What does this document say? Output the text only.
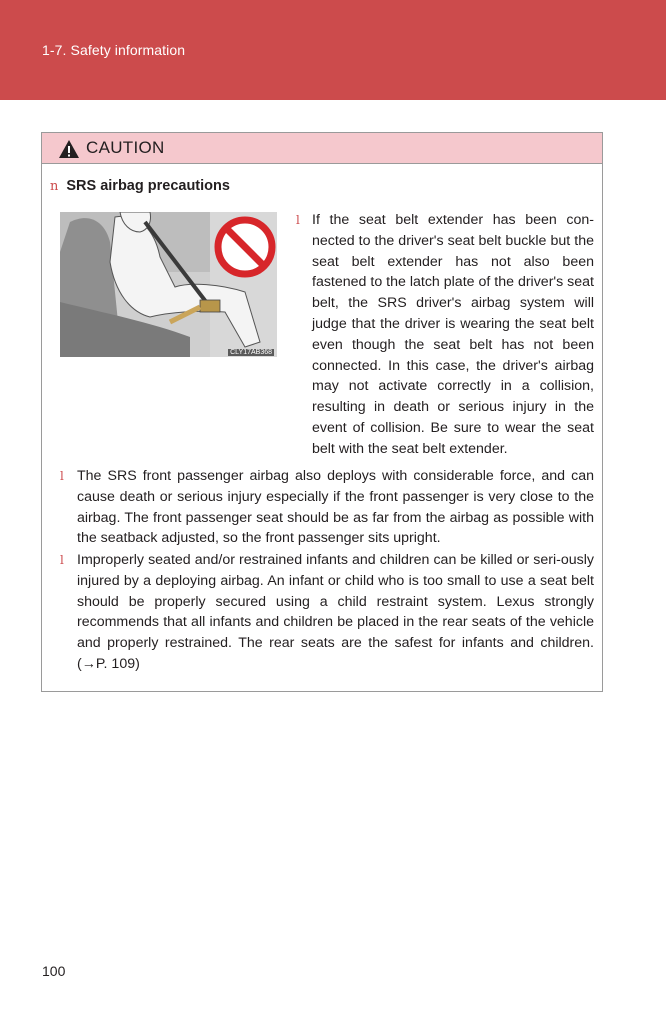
1-7. Safety information
CAUTION
n SRS airbag precautions
CLY17AB368
l If the seat belt extender has been con-nected to the driver's seat belt buckle but the seat belt extender has not also been fastened to the latch plate of the driver's seat belt, the SRS driver's airbag system will judge that the driver is wearing the seat belt even though the seat belt has not been connected. In this case, the driver's airbag may not activate correctly in a collision, resulting in death or serious injury in the event of collision. Be sure to wear the seat belt with the seat belt extender.

l The SRS front passenger airbag also deploys with considerable force, and can cause death or serious injury especially if the front passenger is very close to the airbag. The front passenger seat should be as far from the airbag as possible with the seatback adjusted, so the front passenger sits upright.

l Improperly seated and/or restrained infants and children can be killed or seri-ously injured by a deploying airbag. An infant or child who is too small to use a seat belt should be properly secured using a child restraint system. Lexus strongly recommends that all infants and children be placed in the rear seats of the vehicle and properly restrained. The rear seats are the safest for infants and children. (→P. 109)

100
